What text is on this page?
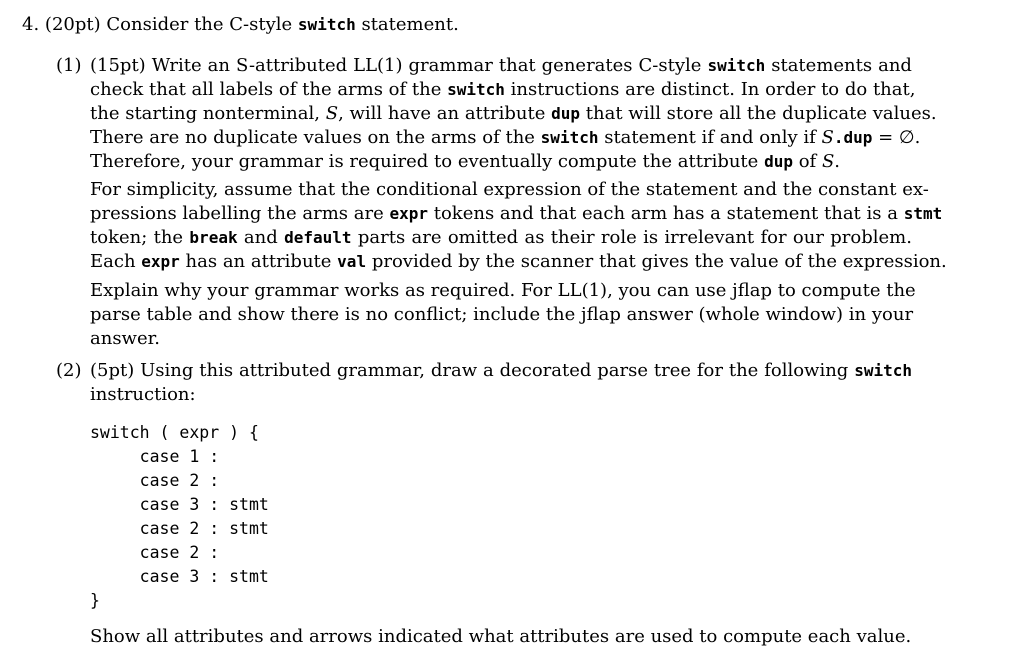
4. (20pt) Consider the C-style switch statement.
(1) (15pt) Write an S-attributed LL(1) grammar that generates C-style switch statements and
check that all labels of the arms of the switch instructions are distinct. In order to do that,
the starting nonterminal, S, will have an attribute dup that will store all the duplicate values.
There are no duplicate values on the arms of the switch statement if and only if S.dup = ∅.
Therefore, your grammar is required to eventually compute the attribute dup of S.
For simplicity, assume that the conditional expression of the statement and the constant ex-
pressions labelling the arms are expr tokens and that each arm has a statement that is a stmt
token; the break and default parts are omitted as their role is irrelevant for our problem.
Each expr has an attribute val provided by the scanner that gives the value of the expression.
Explain why your grammar works as required. For LL(1), you can use jflap to compute the
parse table and show there is no conflict; include the jflap answer (whole window) in your
answer.
(2) (5pt) Using this attributed grammar, draw a decorated parse tree for the following switch
instruction:
switch ( expr ) {
case 1 :
case 2 :
case 3 : stmt
case 2 : stmt
case 2 :
case 3 : stmt
}
Show all attributes and arrows indicated what attributes are used to compute each value.
